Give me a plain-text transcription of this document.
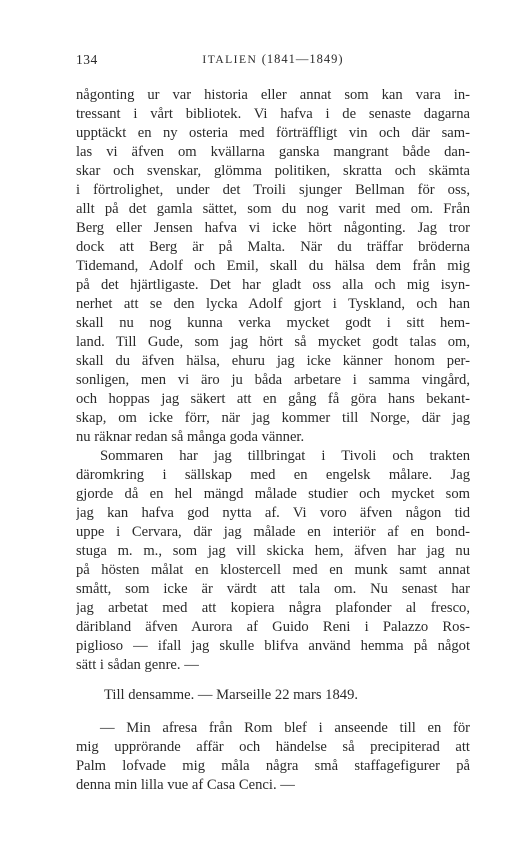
134	ITALIEN (1841—1849)
någonting ur var historia eller annat som kan vara in-
tressant i vårt bibliotek. Vi hafva i de senaste dagarna
upptäckt en ny osteria med förträffligt vin och där sam-
las vi äfven om kvällarna ganska mangrant både dan-
skar och svenskar, glömma politiken, skratta och skämta
i förtrolighet, under det Troili sjunger Bellman för oss,
allt på det gamla sättet, som du nog varit med om. Från
Berg eller Jensen hafva vi icke hört någonting. Jag tror
dock att Berg är på Malta. När du träffar bröderna
Tidemand, Adolf och Emil, skall du hälsa dem från mig
på det hjärtligaste. Det har gladt oss alla och mig isyn-
nerhet att se den lycka Adolf gjort i Tyskland, och han
skall nu nog kunna verka mycket godt i sitt hem-
land. Till Gude, som jag hört så mycket godt talas om,
skall du äfven hälsa, ehuru jag icke känner honom per-
sonligen, men vi äro ju båda arbetare i samma vingård,
och hoppas jag säkert att en gång få göra hans bekant-
skap, om icke förr, när jag kommer till Norge, där jag
nu räknar redan så många goda vänner.
Sommaren har jag tillbringat i Tivoli och trakten
däromkring i sällskap med en engelsk målare. Jag
gjorde då en hel mängd målade studier och mycket som
jag kan hafva god nytta af. Vi voro äfven någon tid
uppe i Cervara, där jag målade en interiör af en bond-
stuga m. m., som jag vill skicka hem, äfven har jag nu
på hösten målat en klostercell med en munk samt annat
smått, som icke är värdt att tala om. Nu senast har
jag arbetat med att kopiera några plafonder al fresco,
däribland äfven Aurora af Guido Reni i Palazzo Ros-
piglioso — ifall jag skulle blifva använd hemma på något
sätt i sådan genre. —
Till densamme. — Marseille 22 mars 1849.
— Min afresa från Rom blef i anseende till en för
mig upprörande affär och händelse så precipiterad att
Palm lofvade mig måla några små staffagefigurer på
denna min lilla vue af Casa Cenci. —
